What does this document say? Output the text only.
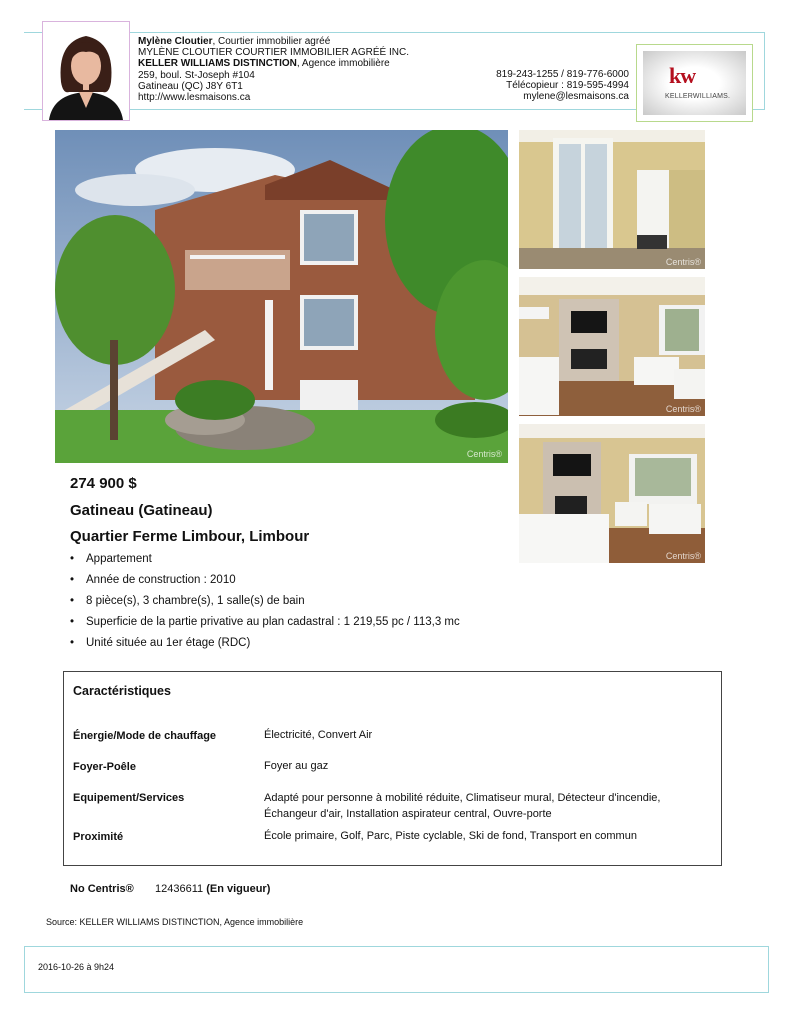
Mylène Cloutier, Courtier immobilier agréé
MYLÈNE CLOUTIER COURTIER IMMOBILIER AGRÉÉ INC.
KELLER WILLIAMS DISTINCTION, Agence immobilière
259, boul. St-Joseph #104
Gatineau (QC) J8Y 6T1
http://www.lesmaisons.ca
819-243-1255 / 819-776-6000
Télécopieur : 819-595-4994
mylene@lesmaisons.ca
kw
KELLERWILLIAMS.
Centris®
Centris®
Centris®
Centris®
274 900 $
Gatineau (Gatineau)
Quartier Ferme Limbour, Limbour
• Appartement
• Année de construction : 2010
• 8 pièce(s), 3 chambre(s), 1 salle(s) de bain
• Superficie de la partie privative au plan cadastral : 1 219,55 pc / 113,3 mc
• Unité située au 1er étage (RDC)
Caractéristiques
Énergie/Mode de chauffage	Électricité, Convert Air
Foyer-Poêle	Foyer au gaz
Equipement/Services	Adapté pour personne à mobilité réduite, Climatiseur mural, Détecteur d'incendie, Échangeur d'air, Installation aspirateur central, Ouvre-porte
Proximité	École primaire, Golf, Parc, Piste cyclable, Ski de fond, Transport en commun
No Centris® 12436611 (En vigueur)
Source: KELLER WILLIAMS DISTINCTION, Agence immobilière
2016-10-26 à 9h24
